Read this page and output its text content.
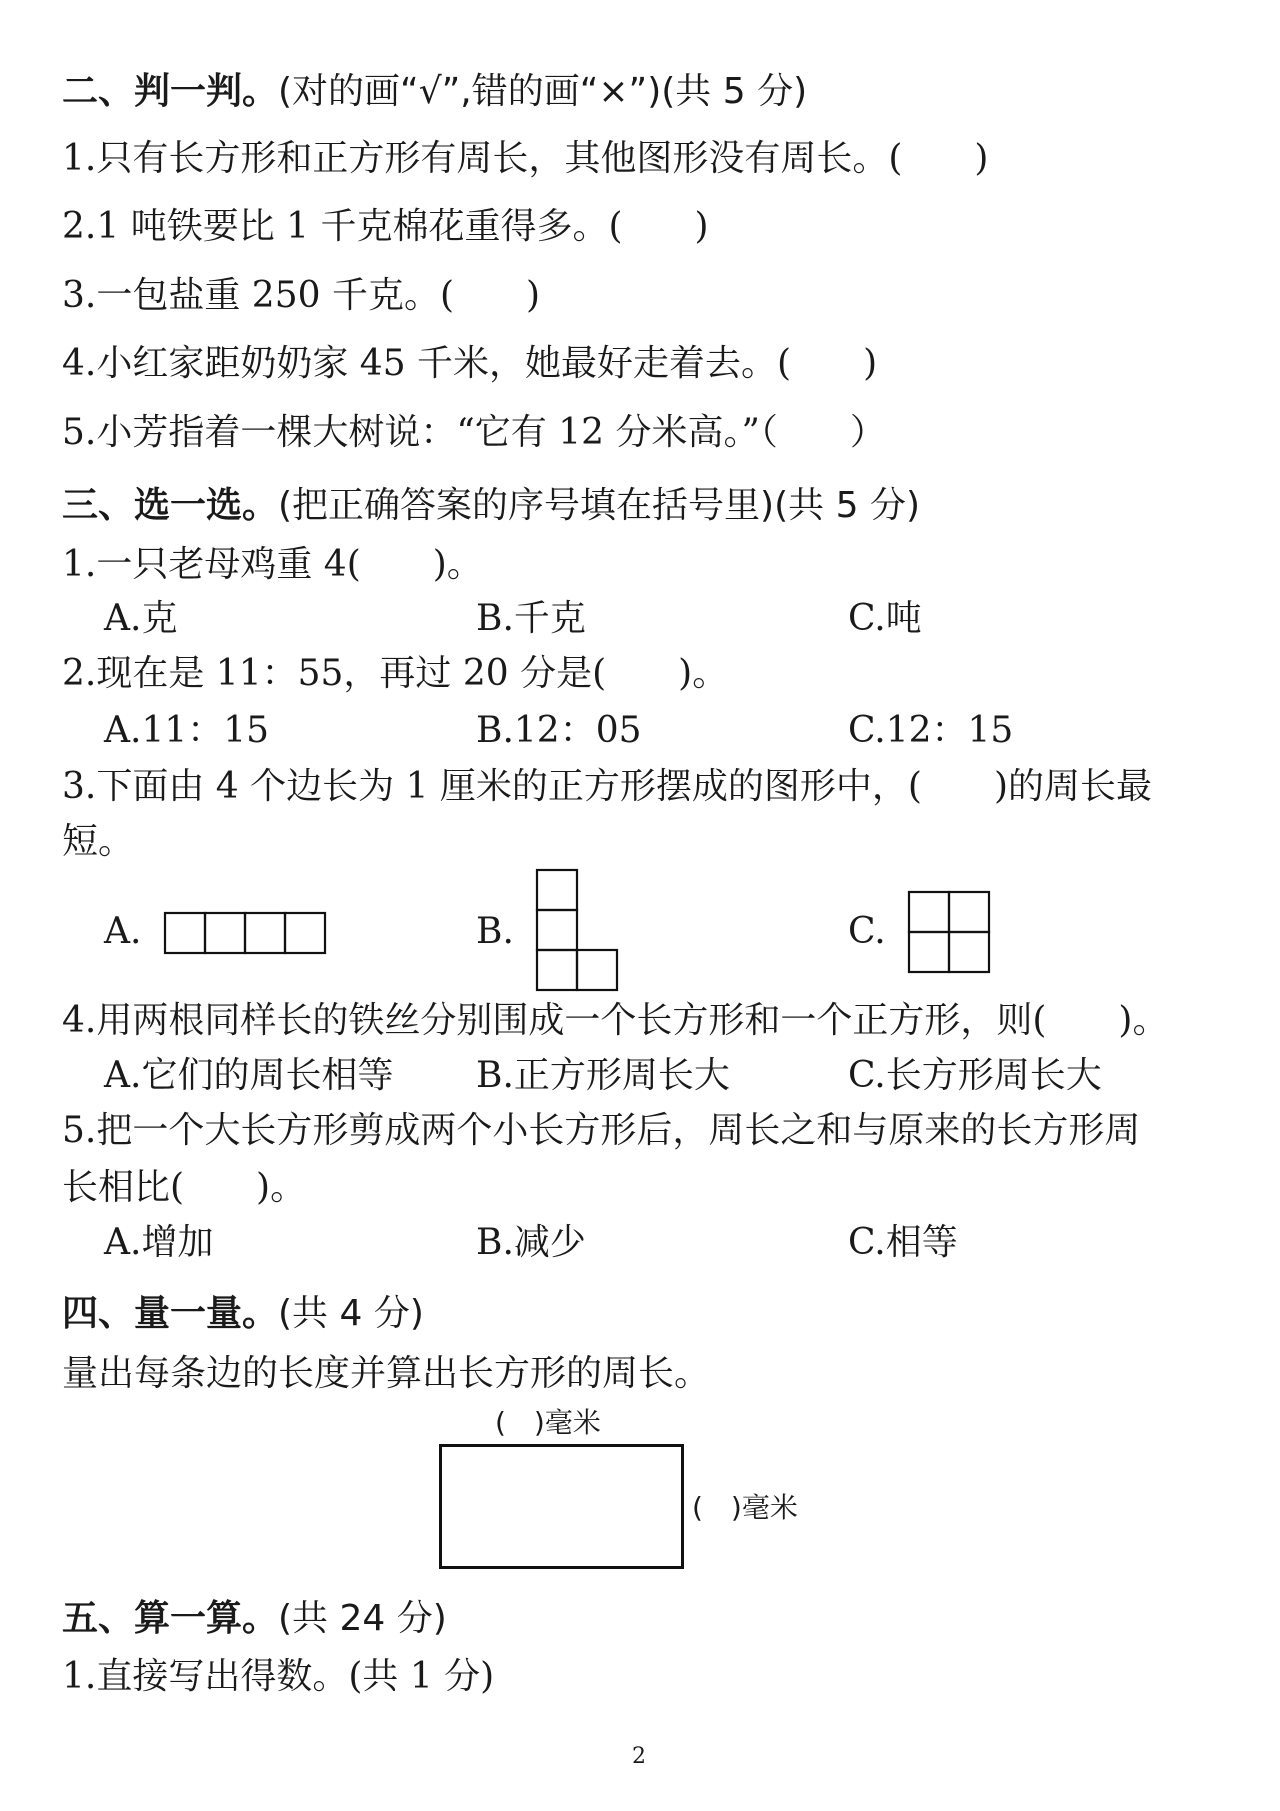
二、判一判。(对的画“√”,错的画“×”)(共 5 分)
1.只有长方形和正方形有周长，其他图形没有周长。(　　)
2.1 吨铁要比 1 千克棉花重得多。(　　)
3.一包盐重 250 千克。(　　)
4.小红家距奶奶家 45 千米，她最好走着去。(　　)
5.小芳指着一棵大树说：“它有 12 分米高。”（　　）
三、选一选。(把正确答案的序号填在括号里)(共 5 分)
1.一只老母鸡重 4(　　)。
A.克	B.千克	C.吨
2.现在是 11：55，再过 20 分是(　　)。
A.11：15	B.12：05	C.12：15
3.下面由 4 个边长为 1 厘米的正方形摆成的图形中，(　　)的周长最
短。
A.	B.	C.
4.用两根同样长的铁丝分别围成一个长方形和一个正方形，则(　　)。
A.它们的周长相等 B.正方形周长大	C.长方形周长大
5.把一个大长方形剪成两个小长方形后，周长之和与原来的长方形周
长相比(　　)。
A.增加	B.减少	C.相等
四、量一量。(共 4 分)
量出每条边的长度并算出长方形的周长。
(　)毫米
(　)毫米
五、算一算。(共 24 分)
1.直接写出得数。(共 1 分)
2
